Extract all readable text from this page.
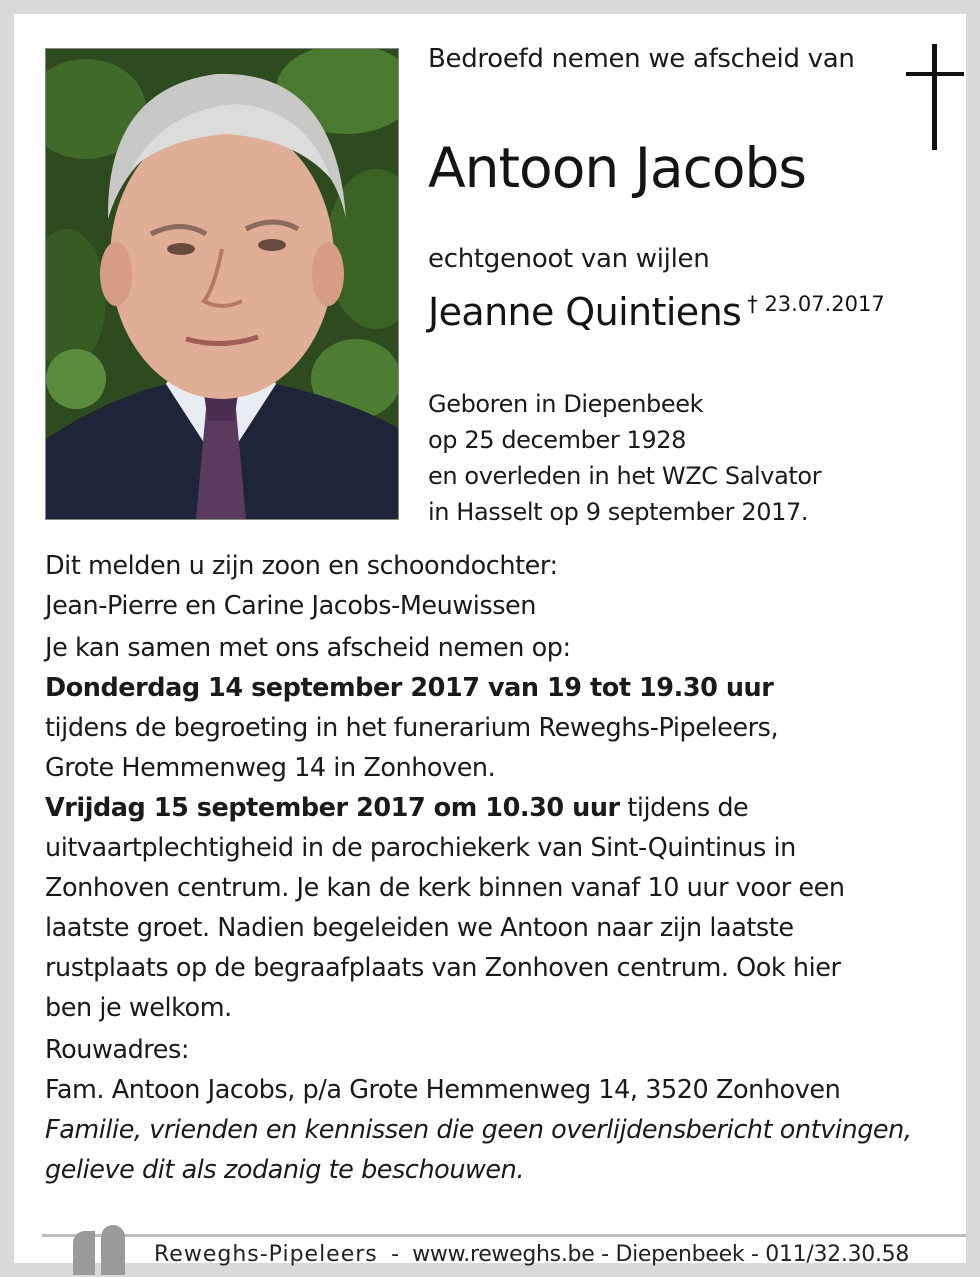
Bedroefd nemen we afscheid van
Antoon Jacobs
echtgenoot van wijlen
Jeanne Quintiens $^{\dagger 23.07.2017}$
Geboren in Diepenbeek
op 25 december 1928
en overleden in het WZC Salvator
in Hasselt op 9 september 2017.

Dit melden u zijn zoon en schoondochter:

Jean-Pierre en Carine Jacobs-Meuwissen

Je kan samen met ons afscheid nemen op:

Donderdag 14 september 2017 van 19 tot 19.30 uur

tijdens de begroeting in het funerarium Reweghs-Pipeleers,

Grote Hemmenweg 14 in Zonhoven.

Vrijdag 15 september 2017 om 10.30 uur tijdens de

uitvaartplechtigheid in de parochiekerk van Sint-Quintinus in

Zonhoven centrum. Je kan de kerk binnen vanaf 10 uur voor een

laatste groet. Nadien begeleiden we Antoon naar zijn laatste

rustplaats op de begraafplaats van Zonhoven centrum. Ook hier

ben je welkom.

Rouwadres:

Fam. Antoon Jacobs, p/a Grote Hemmenweg 14, 3520 Zonhoven

Familie, vrienden en kennissen die geen overlijdensbericht ontvingen,

gelieve dit als zodanig te beschouwen.

Reweghs-Pipeleers  -  www.reweghs.be - Diepenbeek - 011/32.30.58
